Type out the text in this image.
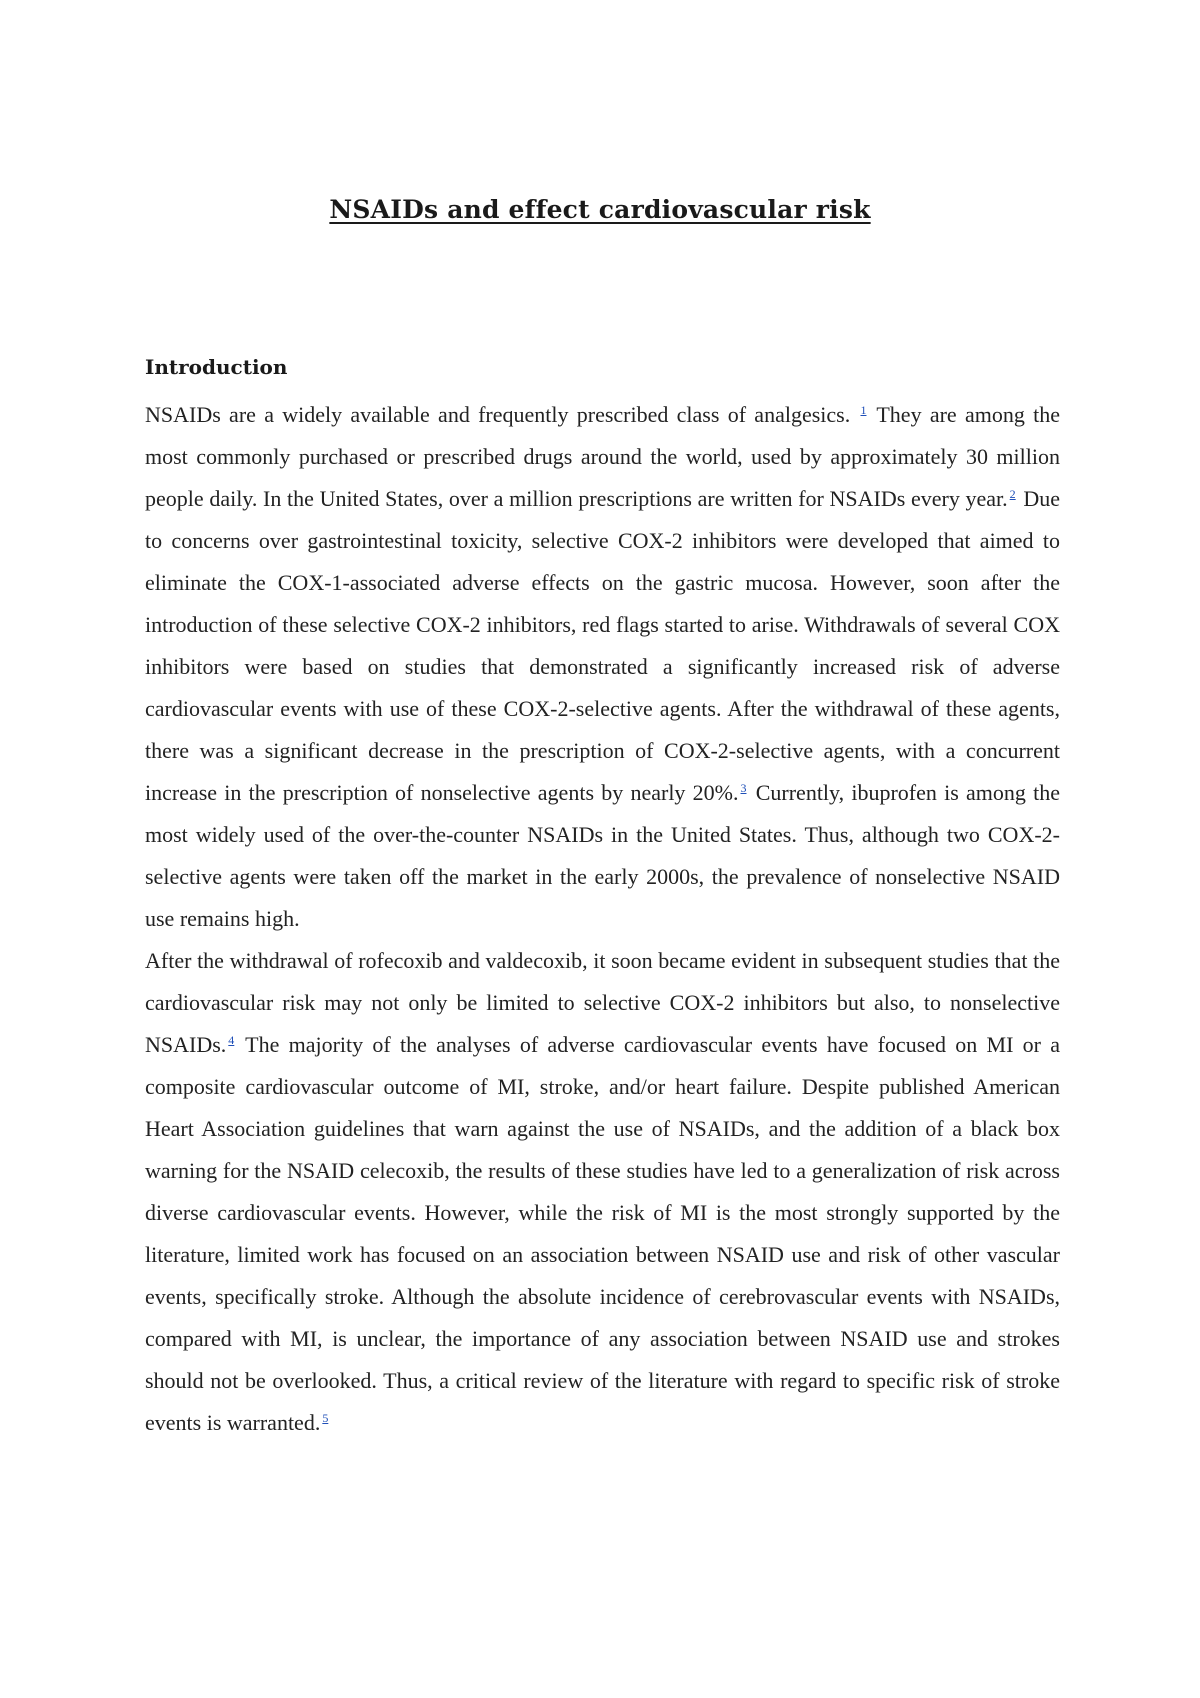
NSAIDs and effect cardiovascular risk
Introduction

NSAIDs are a widely available and frequently prescribed class of analgesics. $^1$ They are among the most commonly purchased or prescribed drugs around the world, used by approximately 30 million people daily. In the United States, over a million prescriptions are written for NSAIDs every year. $^2$ Due to concerns over gastrointestinal toxicity, selective COX-2 inhibitors were developed that aimed to eliminate the COX-1-associated adverse effects on the gastric mucosa. However, soon after the introduction of these selective COX-2 inhibitors, red flags started to arise. Withdrawals of several COX inhibitors were based on studies that demonstrated a significantly increased risk of adverse cardiovascular events with use of these COX-2-selective agents. After the withdrawal of these agents, there was a significant decrease in the prescription of COX-2-selective agents, with a concurrent increase in the prescription of nonselective agents by nearly 20%. $^3$ Currently, ibuprofen is among the most widely used of the over-the-counter NSAIDs in the United States. Thus, although two COX-2-selective agents were taken off the market in the early 2000s, the prevalence of nonselective NSAID use remains high.

After the withdrawal of rofecoxib and valdecoxib, it soon became evident in subsequent studies that the cardiovascular risk may not only be limited to selective COX-2 inhibitors but also, to nonselective NSAIDs. $^4$ The majority of the analyses of adverse cardiovascular events have focused on MI or a composite cardiovascular outcome of MI, stroke, and/or heart failure. Despite published American Heart Association guidelines that warn against the use of NSAIDs, and the addition of a black box warning for the NSAID celecoxib, the results of these studies have led to a generalization of risk across diverse cardiovascular events. However, while the risk of MI is the most strongly supported by the literature, limited work has focused on an association between NSAID use and risk of other vascular events, specifically stroke. Although the absolute incidence of cerebrovascular events with NSAIDs, compared with MI, is unclear, the importance of any association between NSAID use and strokes should not be overlooked. Thus, a critical review of the literature with regard to specific risk of stroke events is warranted. $^5$
